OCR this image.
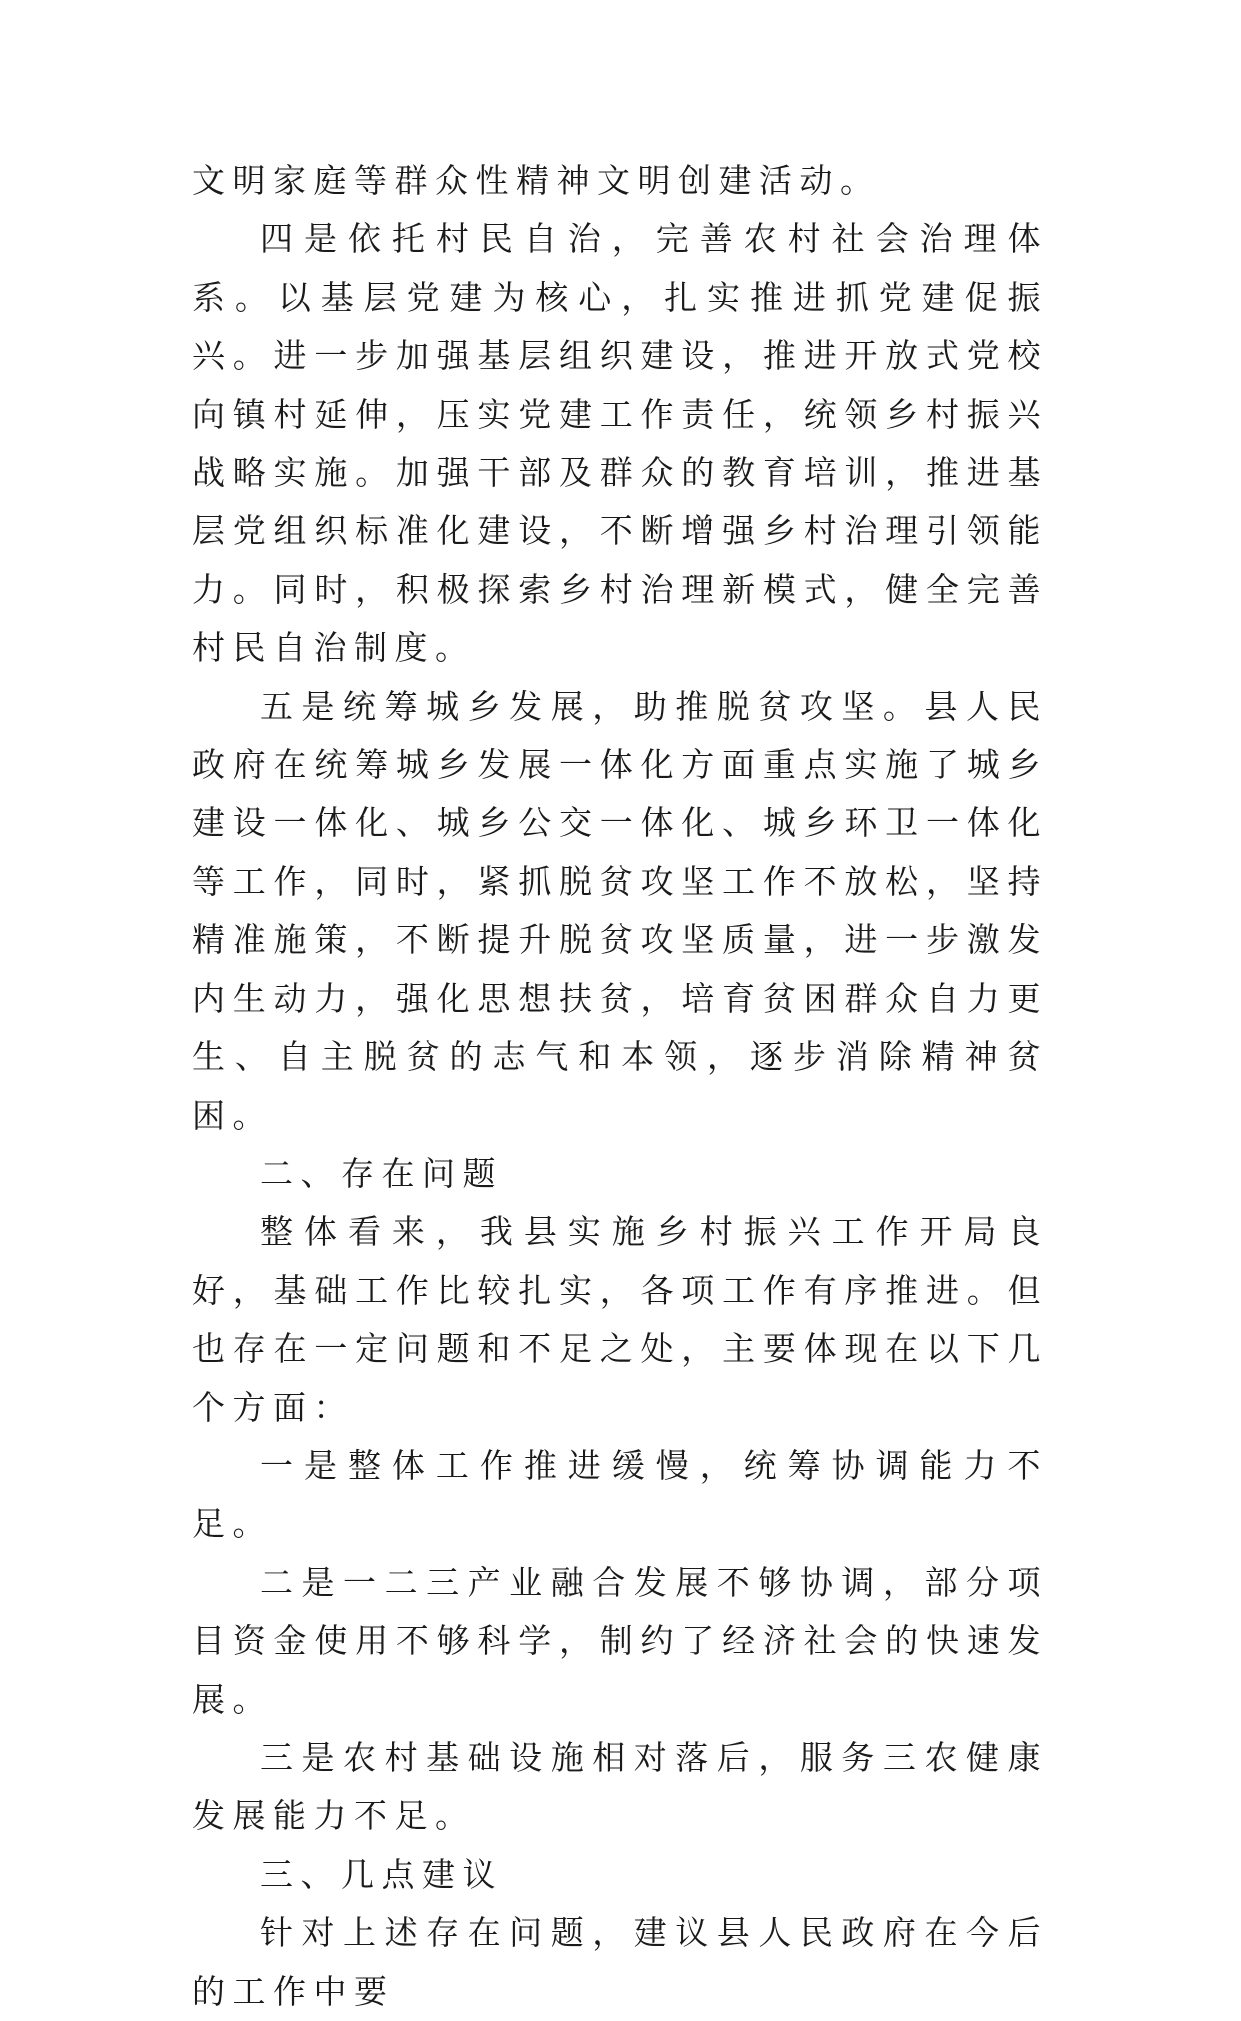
文明家庭等群众性精神文明创建活动。

四是依托村民自治，完善农村社会治理体系。以基层党建为核心，扎实推进抓党建促振兴。进一步加强基层组织建设，推进开放式党校向镇村延伸，压实党建工作责任，统领乡村振兴战略实施。加强干部及群众的教育培训，推进基层党组织标准化建设，不断增强乡村治理引领能力。同时，积极探索乡村治理新模式，健全完善村民自治制度。

五是统筹城乡发展，助推脱贫攻坚。县人民政府在统筹城乡发展一体化方面重点实施了城乡建设一体化、城乡公交一体化、城乡环卫一体化等工作，同时，紧抓脱贫攻坚工作不放松，坚持精准施策，不断提升脱贫攻坚质量，进一步激发内生动力，强化思想扶贫，培育贫困群众自力更生、自主脱贫的志气和本领，逐步消除精神贫困。

二、存在问题

整体看来，我县实施乡村振兴工作开局良好，基础工作比较扎实，各项工作有序推进。但也存在一定问题和不足之处，主要体现在以下几个方面：

一是整体工作推进缓慢，统筹协调能力不足。

二是一二三产业融合发展不够协调，部分项目资金使用不够科学，制约了经济社会的快速发展。

三是农村基础设施相对落后，服务三农健康发展能力不足。

三、几点建议

针对上述存在问题，建议县人民政府在今后的工作中要
